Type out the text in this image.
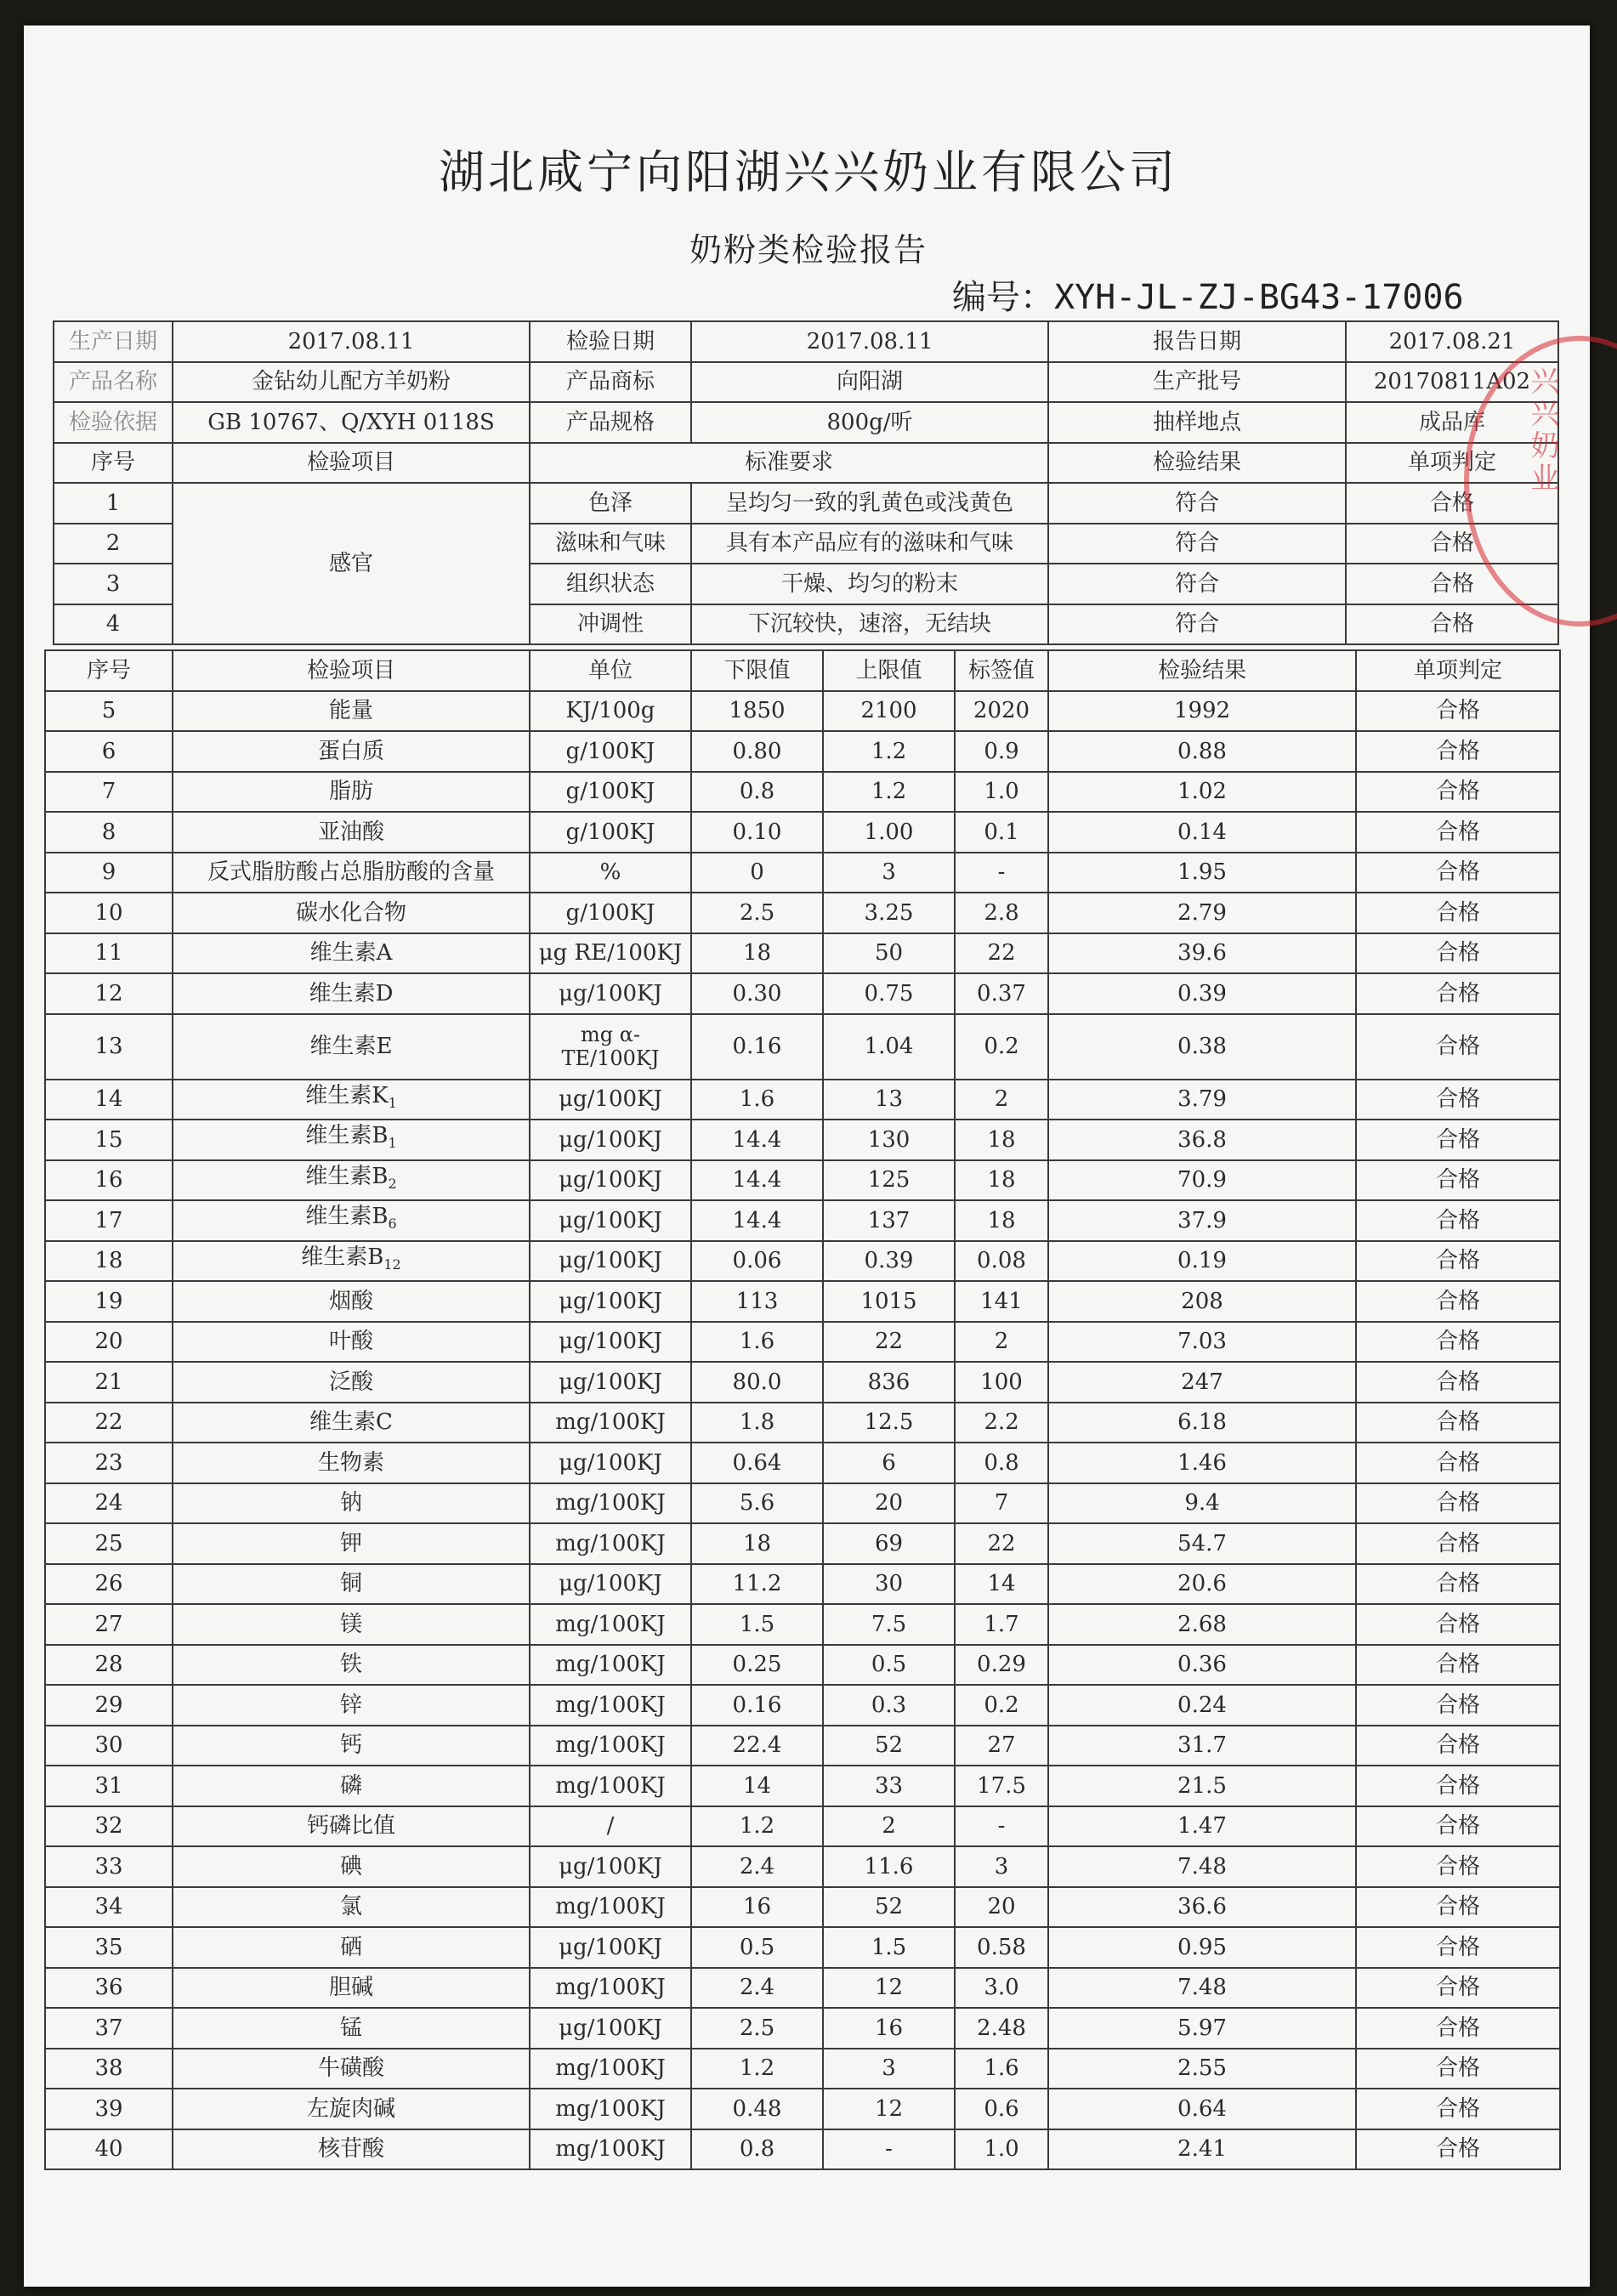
湖北咸宁向阳湖兴兴奶业有限公司
奶粉类检验报告
编号：XYH-JL-ZJ-BG43-17006
生产日期	2017.08.11	检验日期	2017.08.11	报告日期	2017.08.21
产品名称	金钻幼儿配方羊奶粉	产品商标	向阳湖	生产批号	20170811A02
检验依据	GB 10767、Q/XYH 0118S	产品规格	800g/听	抽样地点	成品库
序号	检验项目	标准要求		检验结果	单项判定
1	感官	色泽	呈均匀一致的乳黄色或浅黄色	符合	合格
2		滋味和气味	具有本产品应有的滋味和气味	符合	合格
3		组织状态	干燥、均匀的粉末	符合	合格
4		冲调性	下沉较快，速溶，无结块	符合	合格
序号	检验项目	单位	下限值	上限值	标签值	检验结果	单项判定
5	能量	KJ/100g	1850	2100	2020	1992	合格
6	蛋白质	g/100KJ	0.80	1.2	0.9	0.88	合格
7	脂肪	g/100KJ	0.8	1.2	1.0	1.02	合格
8	亚油酸	g/100KJ	0.10	1.00	0.1	0.14	合格
9	反式脂肪酸占总脂肪酸的含量	%	0	3	-	1.95	合格
10	碳水化合物	g/100KJ	2.5	3.25	2.8	2.79	合格
11	维生素A	μg RE/100KJ	18	50	22	39.6	合格
12	维生素D	μg/100KJ	0.30	0.75	0.37	0.39	合格
13	维生素E	mg α-TE/100KJ	0.16	1.04	0.2	0.38	合格
14	维生素$K_1$	μg/100KJ	1.6	13	2	3.79	合格
15	维生素$B_1$	μg/100KJ	14.4	130	18	36.8	合格
16	维生素$B_2$	μg/100KJ	14.4	125	18	70.9	合格
17	维生素$B_6$	μg/100KJ	14.4	137	18	37.9	合格
18	维生素$B_{12}$	μg/100KJ	0.06	0.39	0.08	0.19	合格
19	烟酸	μg/100KJ	113	1015	141	208	合格
20	叶酸	μg/100KJ	1.6	22	2	7.03	合格
21	泛酸	μg/100KJ	80.0	836	100	247	合格
22	维生素C	mg/100KJ	1.8	12.5	2.2	6.18	合格
23	生物素	μg/100KJ	0.64	6	0.8	1.46	合格
24	钠	mg/100KJ	5.6	20	7	9.4	合格
25	钾	mg/100KJ	18	69	22	54.7	合格
26	铜	μg/100KJ	11.2	30	14	20.6	合格
27	镁	mg/100KJ	1.5	7.5	1.7	2.68	合格
28	铁	mg/100KJ	0.25	0.5	0.29	0.36	合格
29	锌	mg/100KJ	0.16	0.3	0.2	0.24	合格
30	钙	mg/100KJ	22.4	52	27	31.7	合格
31	磷	mg/100KJ	14	33	17.5	21.5	合格
32	钙磷比值	/	1.2	2	-	1.47	合格
33	碘	μg/100KJ	2.4	11.6	3	7.48	合格
34	氯	mg/100KJ	16	52	20	36.6	合格
35	硒	μg/100KJ	0.5	1.5	0.58	0.95	合格
36	胆碱	mg/100KJ	2.4	12	3.0	7.48	合格
37	锰	μg/100KJ	2.5	16	2.48	5.97	合格
38	牛磺酸	mg/100KJ	1.2	3	1.6	2.55	合格
39	左旋肉碱	mg/100KJ	0.48	12	0.6	0.64	合格
40	核苷酸	mg/100KJ	0.8	-	1.0	2.41	合格
兴兴奶业
